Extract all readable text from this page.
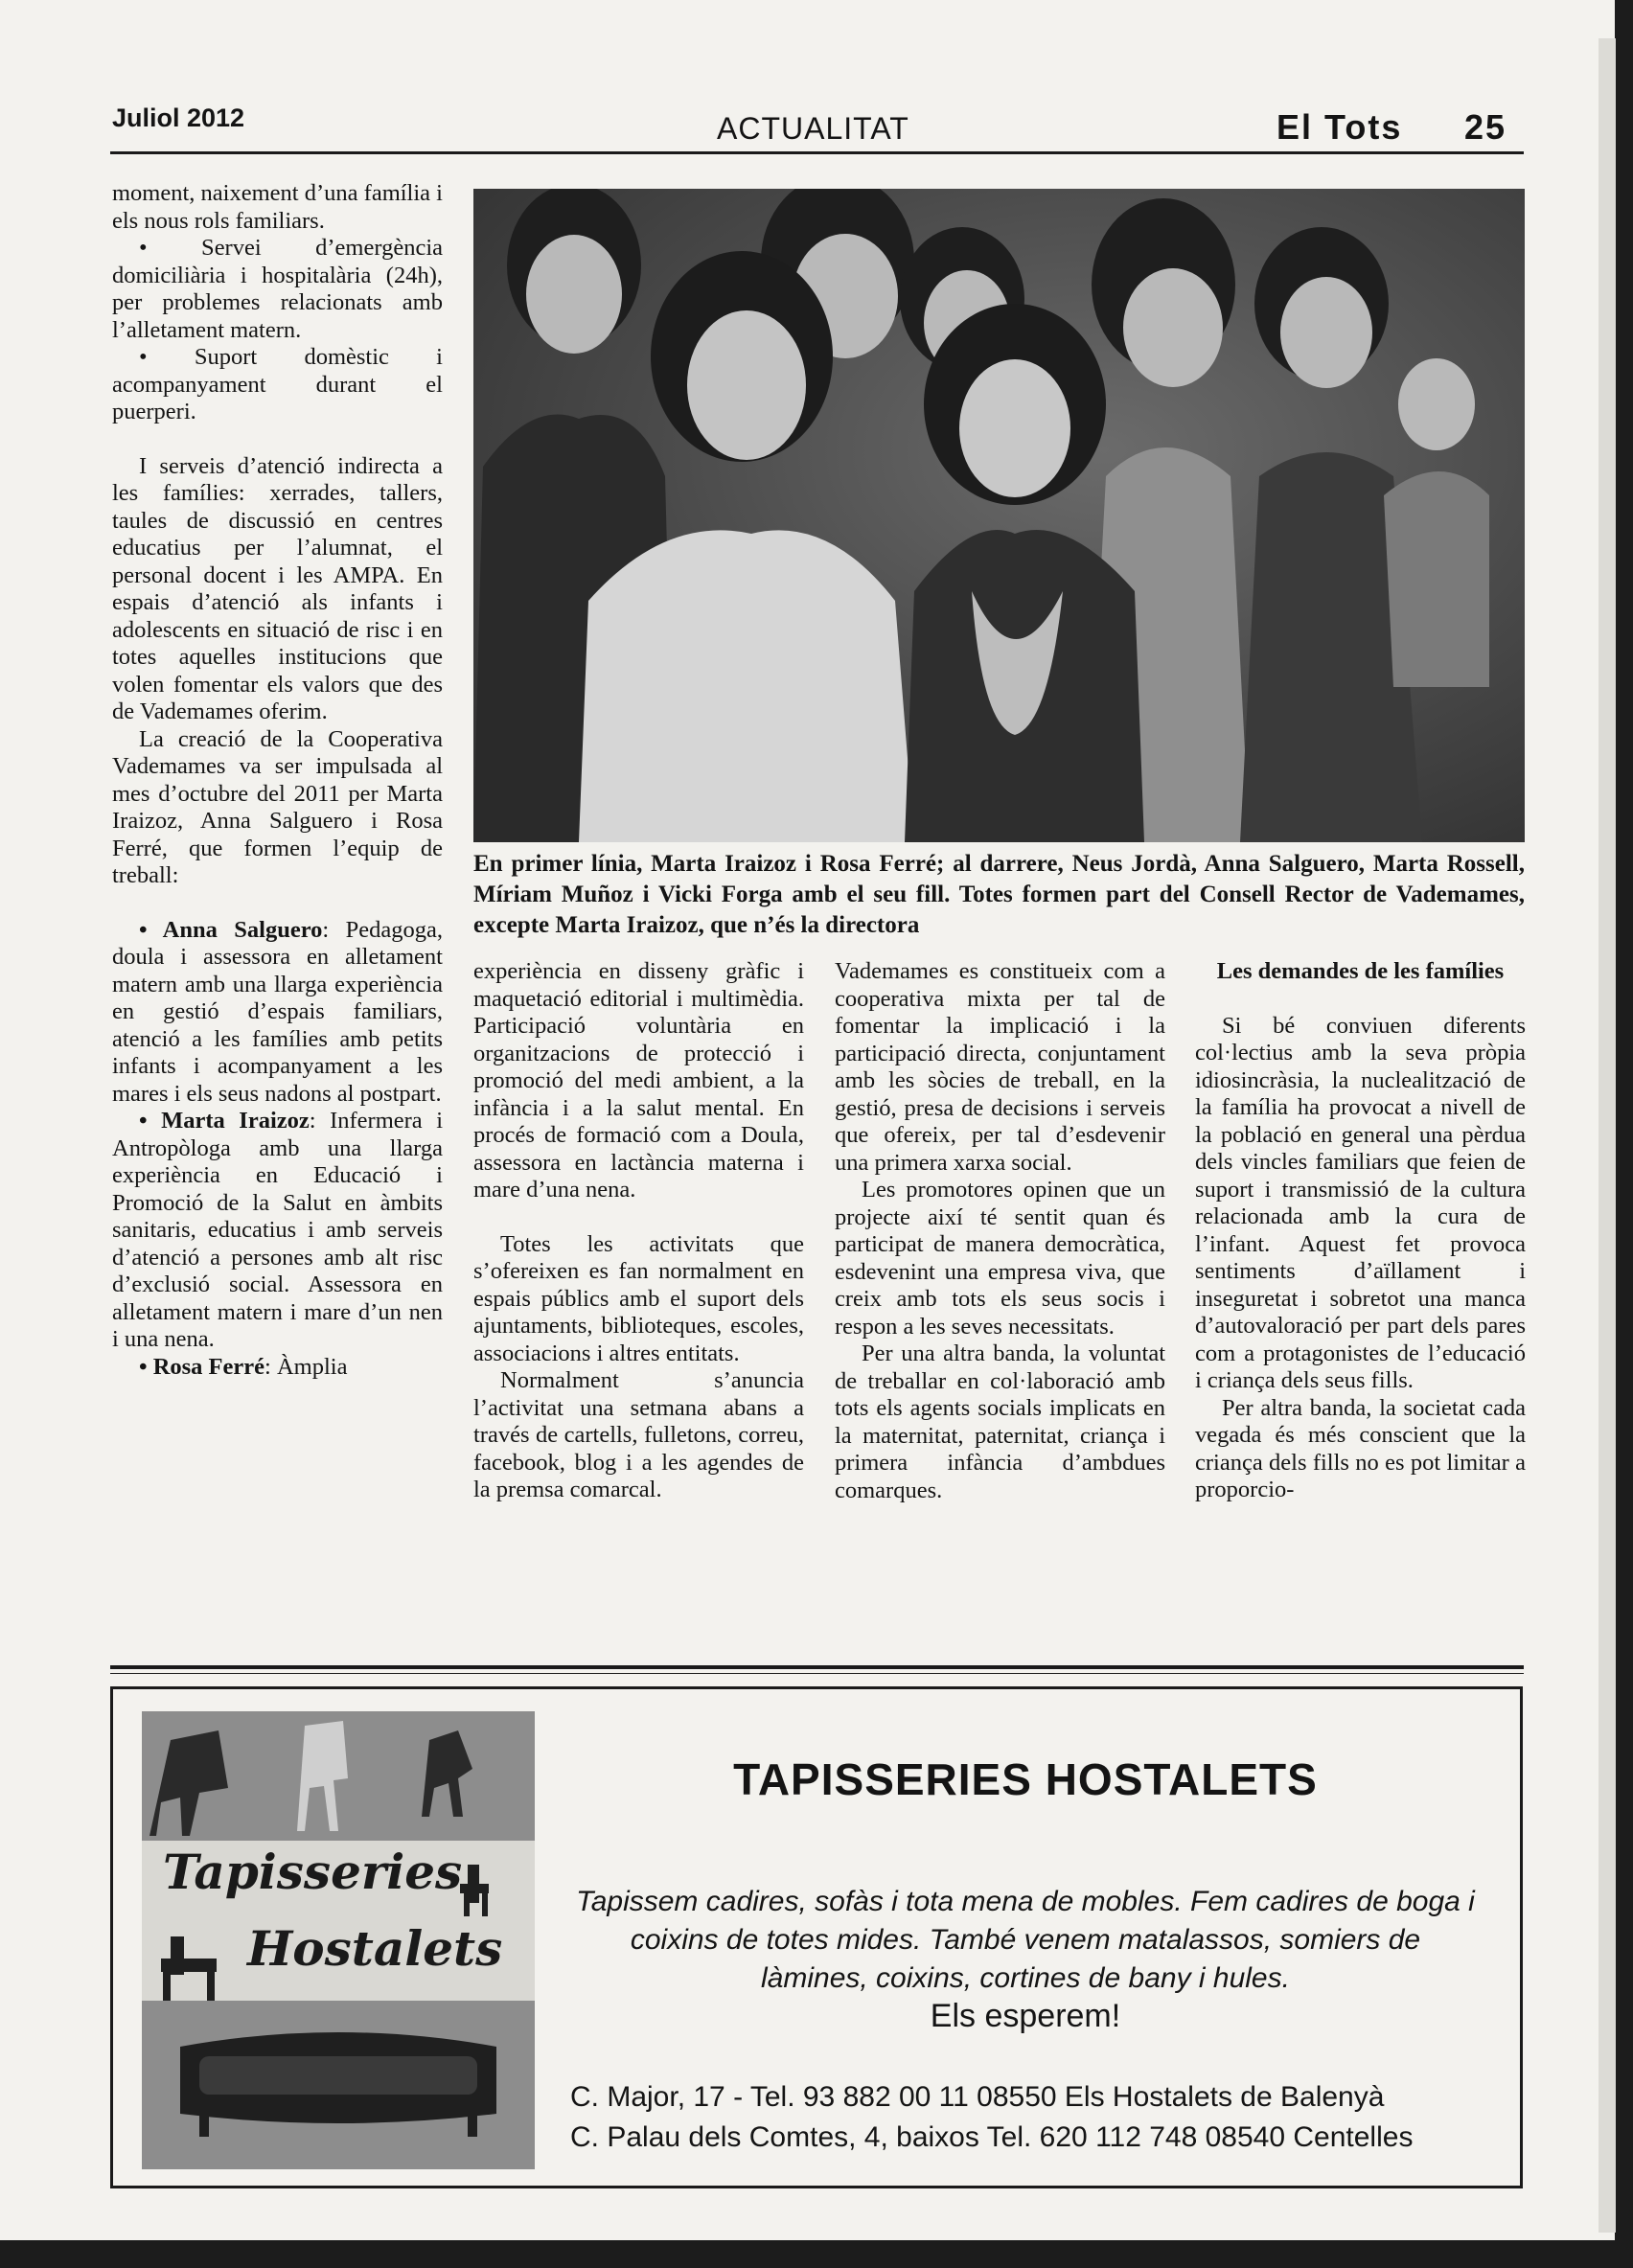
Juliol 2012	ACTUALITAT	El Tots 25

moment, naixement d’una família i els nous rols familiars.

• Servei d’emergència domiciliària i hospitalària (24h), per problemes relacionats amb l’alletament matern.

• Suport domèstic i acompanyament durant el puerperi.

I serveis d’atenció indirecta a les famílies: xerrades, tallers, taules de discussió en centres educatius per l’alumnat, el personal docent i les AMPA. En espais d’atenció als infants i adolescents en situació de risc i en totes aquelles institucions que volen fomentar els valors que des de Vademames oferim.

La creació de la Cooperativa Vademames va ser impulsada al mes d’octubre del 2011 per Marta Iraizoz, Anna Salguero i Rosa Ferré, que formen l’equip de treball:

• Anna Salguero: Pedagoga, doula i assessora en alletament matern amb una llarga experiència en gestió d’espais familiars, atenció a les famílies amb petits infants i acompanyament a les mares i els seus nadons al postpart.

• Marta Iraizoz: Infermera i Antropòloga amb una llarga experiència en Educació i Promoció de la Salut en àmbits sanitaris, educatius i amb serveis d’atenció a persones amb alt risc d’exclusió social. Assessora en alletament matern i mare d’un nen i una nena.

• Rosa Ferré: Àmplia

En primer línia, Marta Iraizoz i Rosa Ferré; al darrere, Neus Jordà, Anna Salguero, Marta Rossell, Míriam Muñoz i Vicki Forga amb el seu fill. Totes formen part del Consell Rector de Vademames, excepte Marta Iraizoz, que n’és la directora

experiència en disseny gràfic i maquetació editorial i multimèdia. Participació voluntària en organitzacions de protecció i promoció del medi ambient, a la infància i a la salut mental. En procés de formació com a Doula, assessora en lactància materna i mare d’una nena.

Totes les activitats que s’ofereixen es fan normalment en espais públics amb el suport dels ajuntaments, biblioteques, escoles, associacions i altres entitats.

Normalment s’anuncia l’activitat una setmana abans a través de cartells, fulletons, correu, facebook, blog i a les agendes de la premsa comarcal.

Vademames es constitueix com a cooperativa mixta per tal de fomentar la implicació i la participació directa, conjuntament amb les sòcies de treball, en la gestió, presa de decisions i serveis que ofereix, per tal d’esdevenir una primera xarxa social.

Les promotores opinen que un projecte així té sentit quan és participat de manera democràtica, esdevenint una empresa viva, que creix amb tots els seus socis i respon a les seves necessitats.

Per una altra banda, la voluntat de treballar en col·laboració amb tots els agents socials implicats en la maternitat, paternitat, criança i primera infància d’ambdues comarques.

Les demandes de les famílies

Si bé conviuen diferents col·lectius amb la seva pròpia idiosincràsia, la nuclealització de la família ha provocat a nivell de la població en general una pèrdua dels vincles familiars que feien de suport i transmissió de la cultura relacionada amb la cura de l’infant. Aquest fet provoca sentiments d’aïllament i inseguretat i sobretot una manca d’autovaloració per part dels pares com a protagonistes de l’educació i criança dels seus fills.

Per altra banda, la societat cada vegada és més conscient que la criança dels fills no es pot limitar a proporcio-

Tapisseries
Hostalets
TAPISSERIES HOSTALETS
Tapissem cadires, sofàs i tota mena de mobles. Fem cadires de boga i coixins de totes mides. També venem matalassos, somiers de làmines, coixins, cortines de bany i hules.
Els esperem!
C. Major, 17 - Tel. 93 882 00 11 08550 Els Hostalets de Balenyà
C. Palau dels Comtes, 4, baixos Tel. 620 112 748 08540 Centelles
